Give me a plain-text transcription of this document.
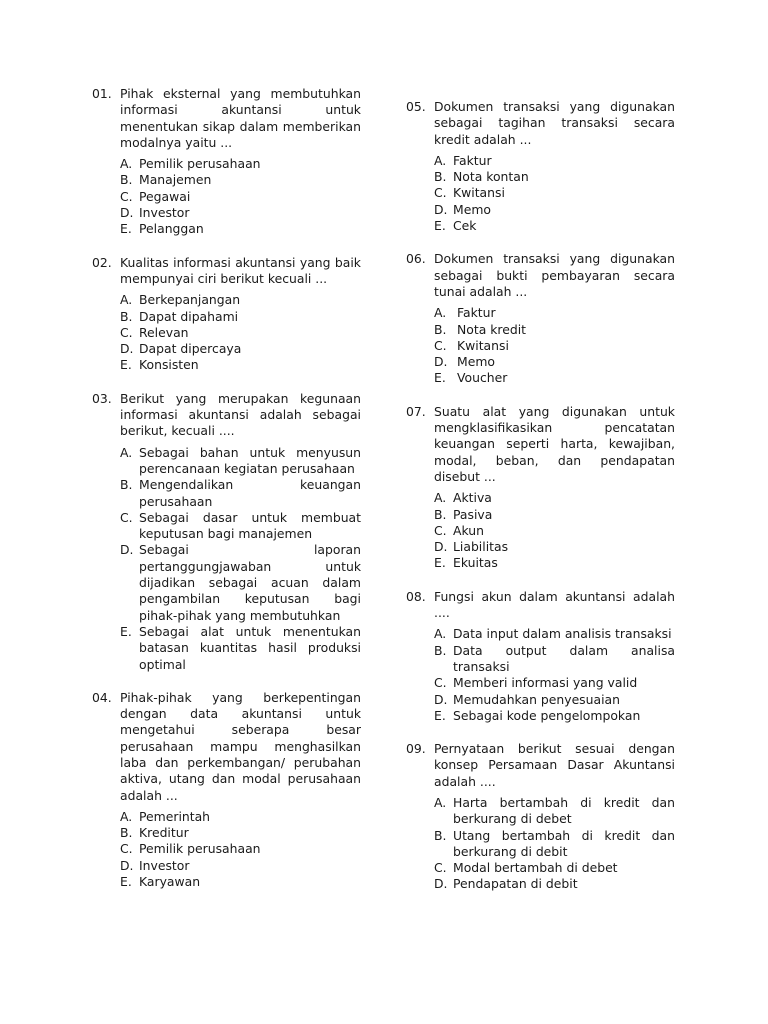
01. Pihak eksternal yang membutuhkan informasi akuntansi untuk menentukan sikap dalam memberikan modalnya yaitu ...
A. Pemilik perusahaan
B. Manajemen
C. Pegawai
D. Investor
E. Pelanggan
02. Kualitas informasi akuntansi yang baik mempunyai ciri berikut kecuali ...
A. Berkepanjangan
B. Dapat dipahami
C. Relevan
D. Dapat dipercaya
E. Konsisten
03. Berikut yang merupakan kegunaan informasi akuntansi adalah sebagai berikut, kecuali ....
A. Sebagai bahan untuk menyusun perencanaan kegiatan perusahaan
B. Mengendalikan keuangan perusahaan
C. Sebagai dasar untuk membuat keputusan bagi manajemen
D. Sebagai laporan pertanggungjawaban untuk dijadikan sebagai acuan dalam pengambilan keputusan bagi pihak-pihak yang membutuhkan
E. Sebagai alat untuk menentukan batasan kuantitas hasil produksi optimal
04. Pihak-pihak yang berkepentingan dengan data akuntansi untuk mengetahui seberapa besar perusahaan mampu menghasilkan laba dan perkembangan/ perubahan aktiva, utang dan modal perusahaan adalah ...
A. Pemerintah
B. Kreditur
C. Pemilik perusahaan
D. Investor
E. Karyawan
05. Dokumen transaksi yang digunakan sebagai tagihan transaksi secara kredit adalah ...
A. Faktur
B. Nota kontan
C. Kwitansi
D. Memo
E. Cek
06. Dokumen transaksi yang digunakan sebagai bukti pembayaran secara tunai adalah ...
A. Faktur
B. Nota kredit
C. Kwitansi
D. Memo
E. Voucher
07. Suatu alat yang digunakan untuk mengklasifikasikan pencatatan keuangan seperti harta, kewajiban, modal, beban, dan pendapatan disebut ...
A. Aktiva
B. Pasiva
C. Akun
D. Liabilitas
E. Ekuitas
08. Fungsi akun dalam akuntansi adalah ....
A. Data input dalam analisis transaksi
B. Data output dalam analisa transaksi
C. Memberi informasi yang valid
D. Memudahkan penyesuaian
E. Sebagai kode pengelompokan
09. Pernyataan berikut sesuai dengan konsep Persamaan Dasar Akuntansi adalah ....
A. Harta bertambah di kredit dan berkurang di debet
B. Utang bertambah di kredit dan berkurang di debit
C. Modal bertambah di debet
D. Pendapatan di debit
